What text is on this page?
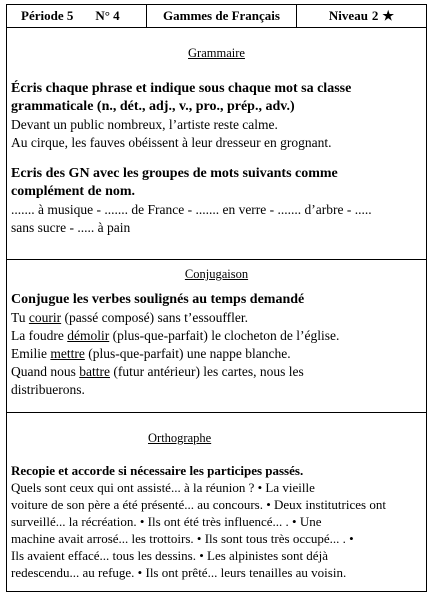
Période 5 N° 4	Gammes de Français	Niveau 2 ★
Grammaire
Écris chaque phrase et indique sous chaque mot sa classe
grammaticale (n., dét., adj., v., pro., prép., adv.)
Devant un public nombreux, l’artiste reste calme.
Au cirque, les fauves obéissent à leur dresseur en grognant.
Ecris des GN avec les groupes de mots suivants comme
complément de nom.
....... à musique - ....... de France - ....... en verre - ....... d’arbre - .....
sans sucre - ..... à pain
Conjugaison
Conjugue les verbes soulignés au temps demandé
Tu courir (passé composé) sans t’essouffler.
La foudre démolir (plus-que-parfait) le clocheton de l’église.
Emilie mettre (plus-que-parfait) une nappe blanche.
Quand nous battre (futur antérieur) les cartes, nous les
distribuerons.
Orthographe
Recopie et accorde si nécessaire les participes passés.
Quels sont ceux qui ont assisté... à la réunion ? • La vieille
voiture de son père a été présenté... au concours. • Deux institutrices ont
surveillé... la récréation. • Ils ont été très influencé... . • Une
machine avait arrosé... les trottoirs. • Ils sont tous très occupé... . •
Ils avaient effacé... tous les dessins. • Les alpinistes sont déjà
redescendu... au refuge. • Ils ont prêté... leurs tenailles au voisin.
